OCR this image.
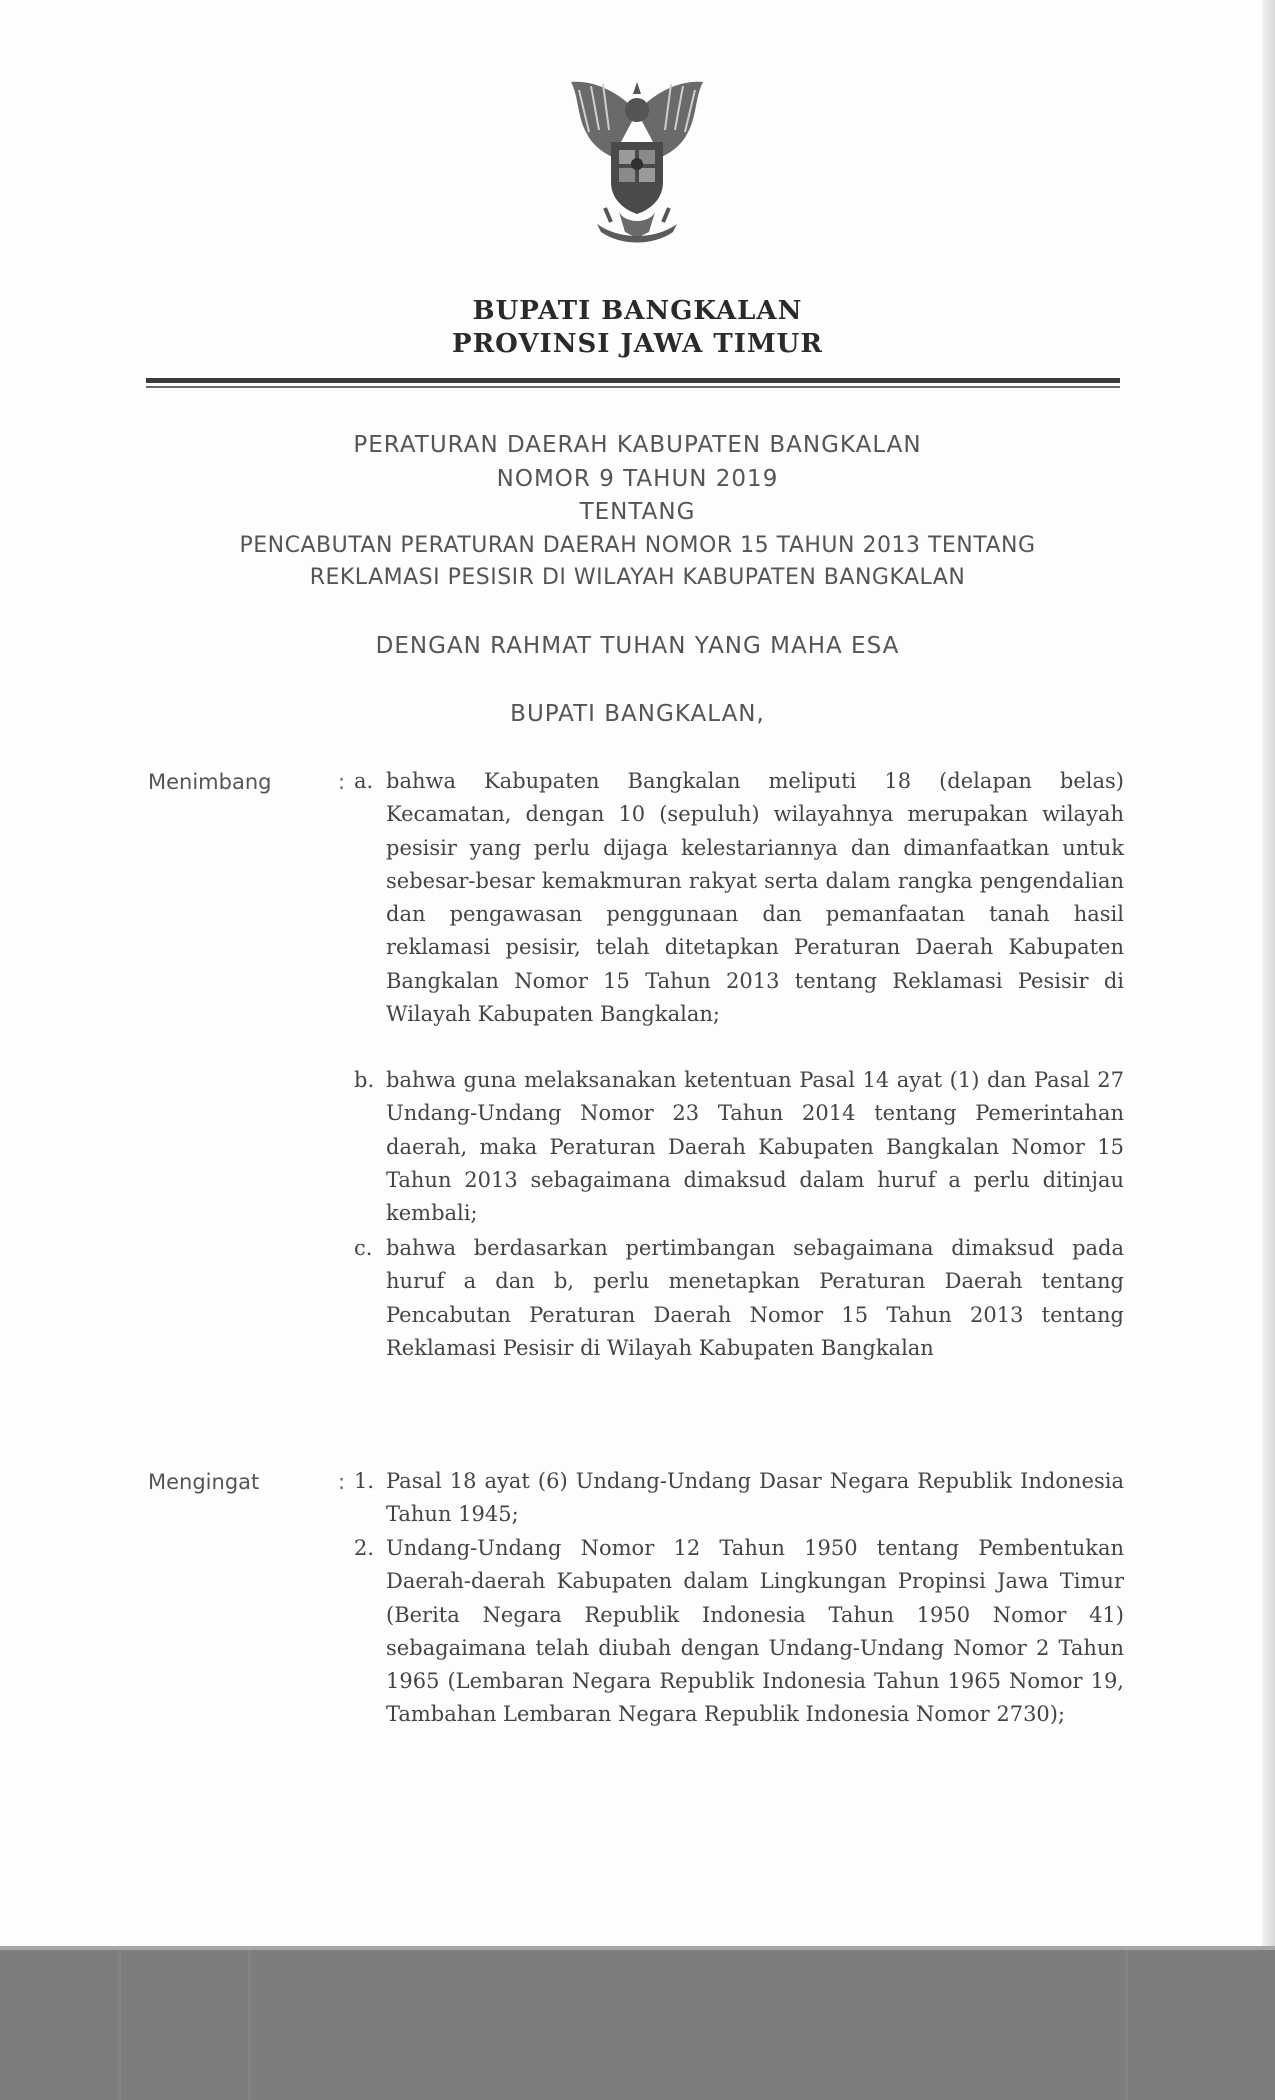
BUPATI BANGKALAN
PROVINSI JAWA TIMUR
PERATURAN DAERAH KABUPATEN BANGKALAN
NOMOR 9 TAHUN 2019
TENTANG
PENCABUTAN PERATURAN DAERAH NOMOR 15 TAHUN 2013 TENTANG
REKLAMASI PESISIR DI WILAYAH KABUPATEN BANGKALAN
DENGAN RAHMAT TUHAN YANG MAHA ESA
BUPATI BANGKALAN,
Menimbang	: a. bahwa Kabupaten Bangkalan meliputi 18 (delapan belas) Kecamatan, dengan 10 (sepuluh) wilayahnya merupakan wilayah pesisir yang perlu dijaga kelestariannya dan dimanfaatkan untuk sebesar-besar kemakmuran rakyat serta dalam rangka pengendalian dan pengawasan penggunaan dan pemanfaatan tanah hasil reklamasi pesisir, telah ditetapkan Peraturan Daerah Kabupaten Bangkalan Nomor 15 Tahun 2013 tentang Reklamasi Pesisir di Wilayah Kabupaten Bangkalan;
b. bahwa guna melaksanakan ketentuan Pasal 14 ayat (1) dan Pasal 27 Undang-Undang Nomor 23 Tahun 2014 tentang Pemerintahan daerah, maka Peraturan Daerah Kabupaten Bangkalan Nomor 15 Tahun 2013 sebagaimana dimaksud dalam huruf a perlu ditinjau kembali;
c. bahwa berdasarkan pertimbangan sebagaimana dimaksud pada huruf a dan b, perlu menetapkan Peraturan Daerah tentang Pencabutan Peraturan Daerah Nomor 15 Tahun 2013 tentang Reklamasi Pesisir di Wilayah Kabupaten Bangkalan
Mengingat	: 1. Pasal 18 ayat (6) Undang-Undang Dasar Negara Republik Indonesia Tahun 1945;
2. Undang-Undang Nomor 12 Tahun 1950 tentang Pembentukan Daerah-daerah Kabupaten dalam Lingkungan Propinsi Jawa Timur (Berita Negara Republik Indonesia Tahun 1950 Nomor 41) sebagaimana telah diubah dengan Undang-Undang Nomor 2 Tahun 1965 (Lembaran Negara Republik Indonesia Tahun 1965 Nomor 19, Tambahan Lembaran Negara Republik Indonesia Nomor 2730);
